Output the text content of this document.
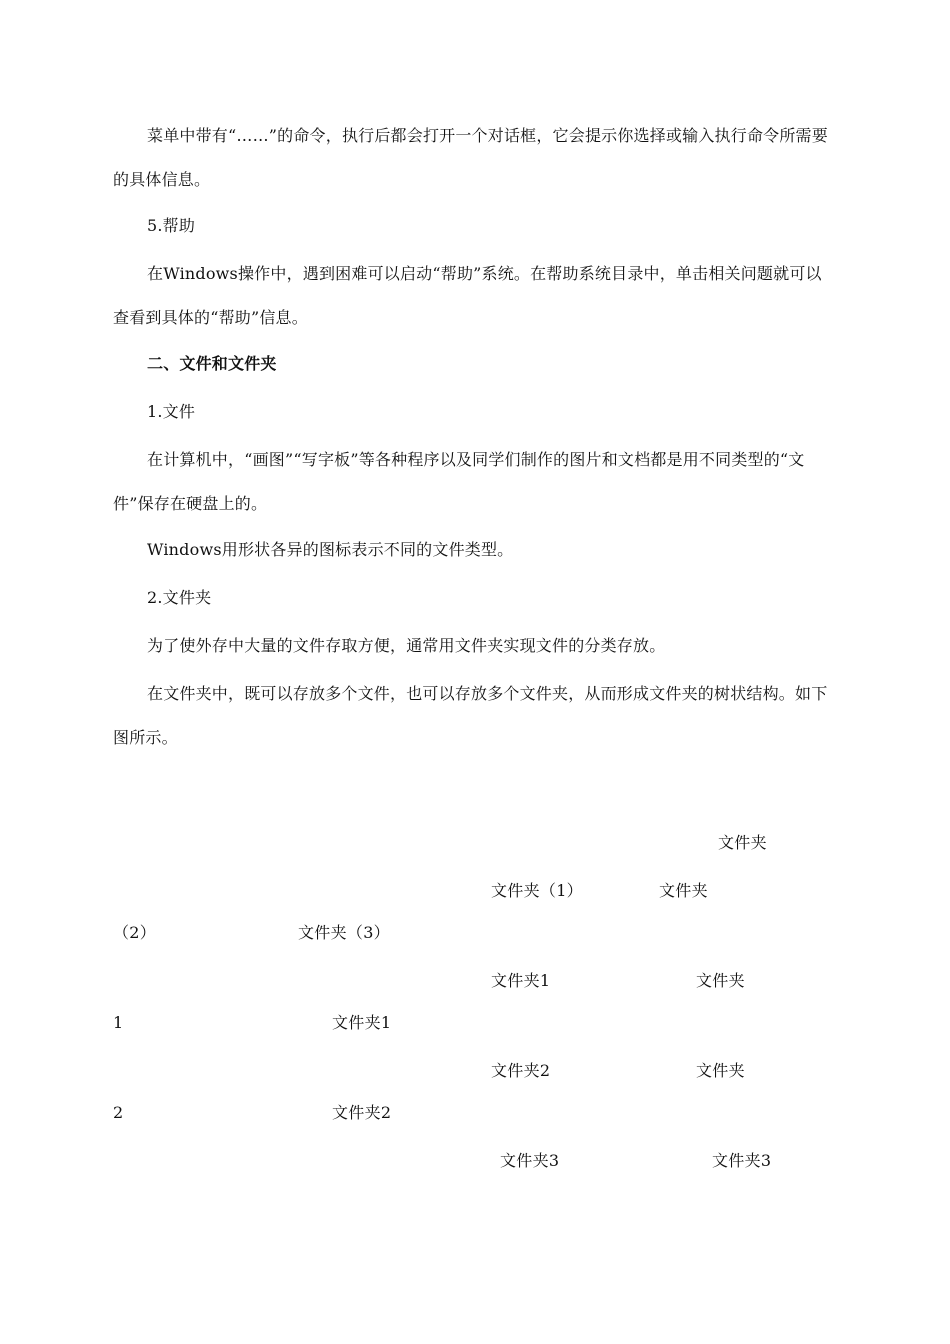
菜单中带有“……”的命令，执行后都会打开一个对话框，它会提示你选择或输入执行命令所需要的具体信息。

5.帮助

在Windows操作中，遇到困难可以启动“帮助”系统。在帮助系统目录中，单击相关问题就可以查看到具体的“帮助”信息。

二、文件和文件夹

1.文件

在计算机中，“画图”“写字板”等各种程序以及同学们制作的图片和文档都是用不同类型的“文件”保存在硬盘上的。

Windows用形状各异的图标表示不同的文件类型。

2.文件夹

为了使外存中大量的文件存取方便，通常用文件夹实现文件的分类存放。

在文件夹中，既可以存放多个文件，也可以存放多个文件夹，从而形成文件夹的树状结构。如下图所示。

文件夹
文件夹（1）	文件夹
（2）	文件夹（3）
文件夹1	文件夹
1	文件夹1
文件夹2	文件夹
2	文件夹2
文件夹3	文件夹3
